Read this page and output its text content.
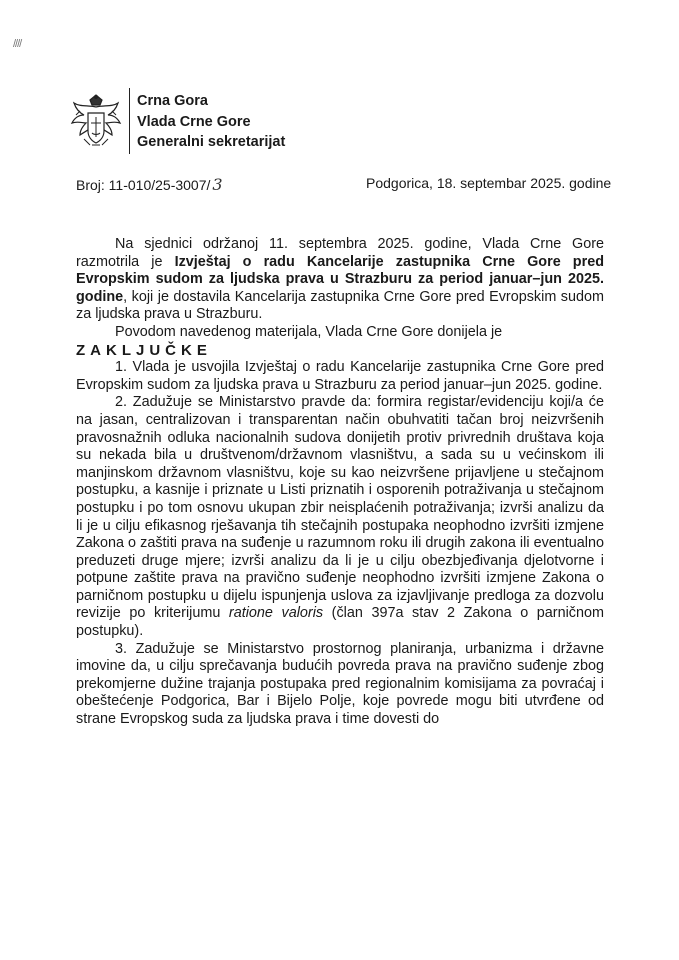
////
Crna Gora
Vlada Crne Gore
Generalni sekretarijat
Broj: 11-010/25-3007/ 3	Podgorica, 18. septembar 2025. godine

Na sjednici održanoj 11. septembra 2025. godine, Vlada Crne Gore razmotrila je Izvještaj o radu Kancelarije zastupnika Crne Gore pred Evropskim sudom za ljudska prava u Strazburu za period januar–jun 2025. godine, koji je dostavila Kancelarija zastupnika Crne Gore pred Evropskim sudom za ljudska prava u Strazburu.

Povodom navedenog materijala, Vlada Crne Gore donijela je

ZAKLJUČKE

1. Vlada je usvojila Izvještaj o radu Kancelarije zastupnika Crne Gore pred Evropskim sudom za ljudska prava u Strazburu za period januar–jun 2025. godine.

2. Zadužuje se Ministarstvo pravde da: formira registar/evidenciju koji/a će na jasan, centralizovan i transparentan način obuhvatiti tačan broj neizvršenih pravosnažnih odluka nacionalnih sudova donijetih protiv privrednih društava koja su nekada bila u društvenom/državnom vlasništvu, a sada su u većinskom ili manjinskom državnom vlasništvu, koje su kao neizvršene prijavljene u stečajnom postupku, a kasnije i priznate u Listi priznatih i osporenih potraživanja u stečajnom postupku i po tom osnovu ukupan zbir neisplaćenih potraživanja; izvrši analizu da li je u cilju efikasnog rješavanja tih stečajnih postupaka neophodno izvršiti izmjene Zakona o zaštiti prava na suđenje u razumnom roku ili drugih zakona ili eventualno preduzeti druge mjere; izvrši analizu da li je u cilju obezbjeđivanja djelotvorne i potpune zaštite prava na pravično suđenje neophodno izvršiti izmjene Zakona o parničnom postupku u dijelu ispunjenja uslova za izjavljivanje predloga za dozvolu revizije po kriterijumu ratione valoris (član 397a stav 2 Zakona o parničnom postupku).

3. Zadužuje se Ministarstvo prostornog planiranja, urbanizma i državne imovine da, u cilju sprečavanja budućih povreda prava na pravično suđenje zbog prekomjerne dužine trajanja postupaka pred regionalnim komisijama za povraćaj i obeštećenje Podgorica, Bar i Bijelo Polje, koje povrede mogu biti utvrđene od strane Evropskog suda za ljudska prava i time dovesti do
